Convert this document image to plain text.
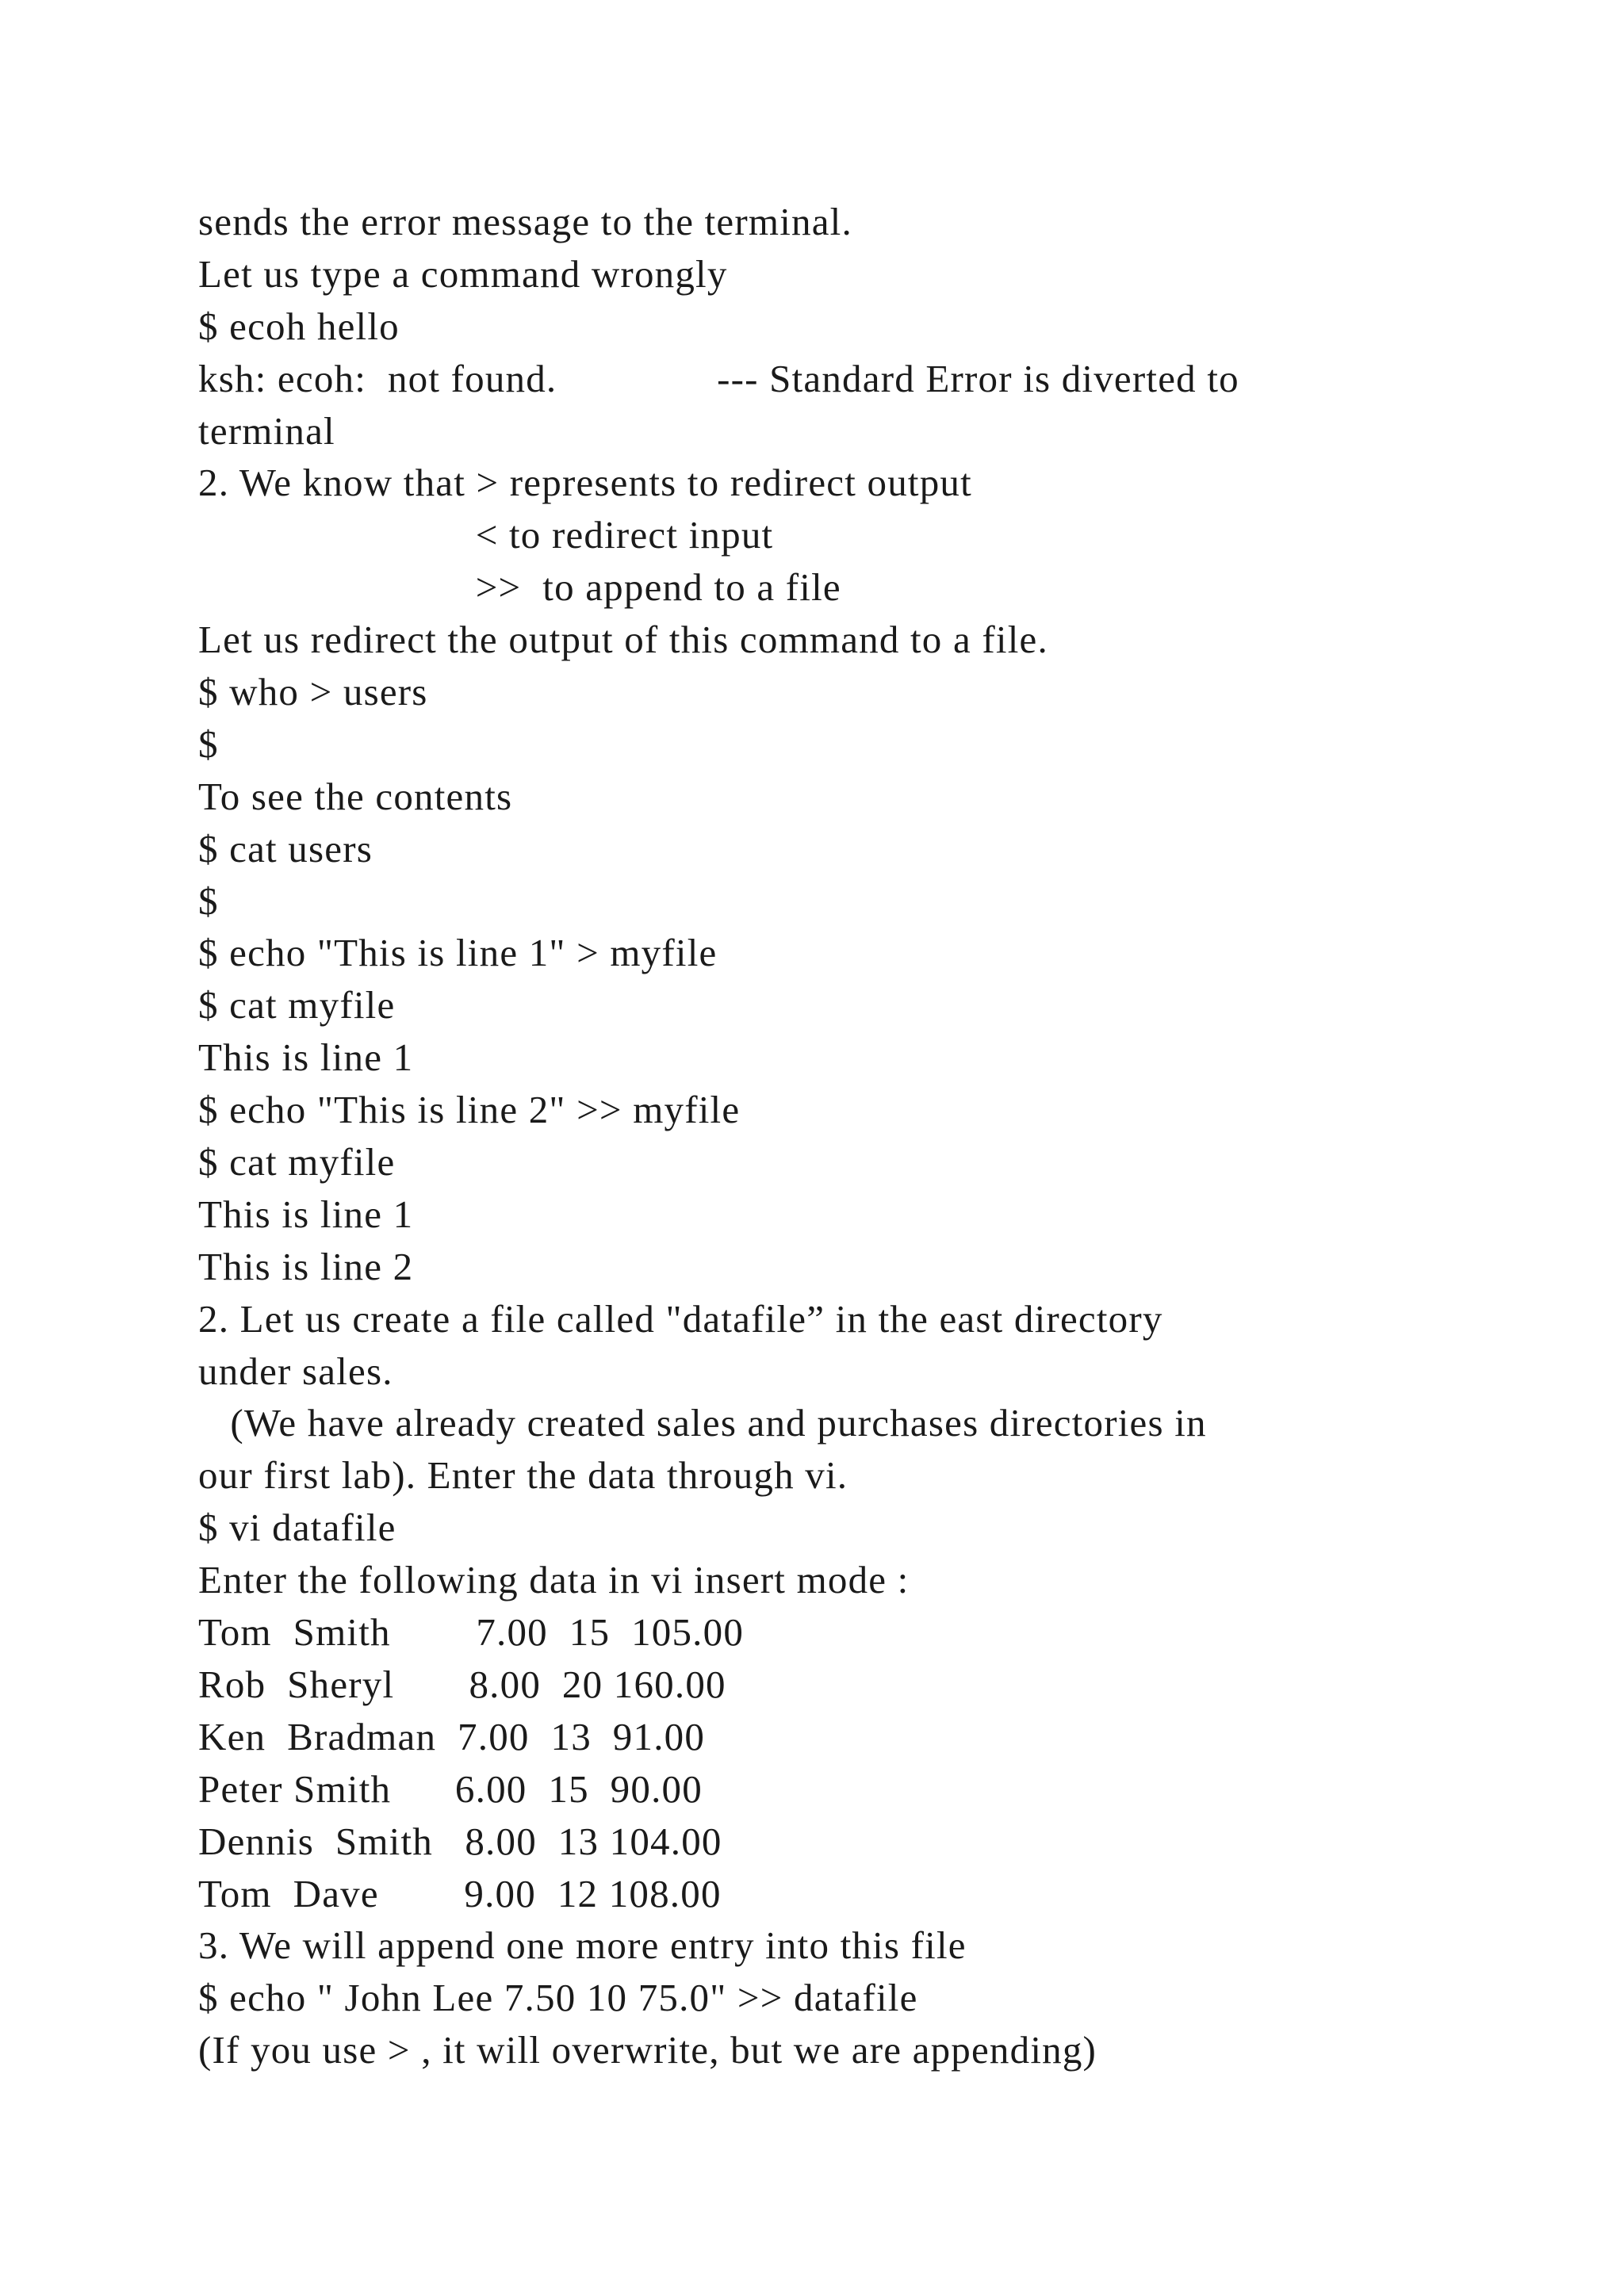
sends the error message to the terminal.
Let us type a command wrongly
$ ecoh hello
ksh: ecoh:  not found.               --- Standard Error is diverted to
terminal
2. We know that > represents to redirect output
< to redirect input
>>  to append to a file
Let us redirect the output of this command to a file.
$ who > users
$
To see the contents
$ cat users
$
$ echo "This is line 1" > myfile
$ cat myfile
This is line 1
$ echo "This is line 2" >> myfile
$ cat myfile
This is line 1
This is line 2
2. Let us create a file called "datafile” in the east directory
under sales.
(We have already created sales and purchases directories in
our first lab). Enter the data through vi.
$ vi datafile
Enter the following data in vi insert mode :
Tom  Smith        7.00  15  105.00
Rob  Sheryl       8.00  20 160.00
Ken  Bradman  7.00  13  91.00
Peter Smith      6.00  15  90.00
Dennis  Smith   8.00  13 104.00
Tom  Dave        9.00  12 108.00
3. We will append one more entry into this file
$ echo " John Lee 7.50 10 75.0" >> datafile
(If you use > , it will overwrite, but we are appending)
